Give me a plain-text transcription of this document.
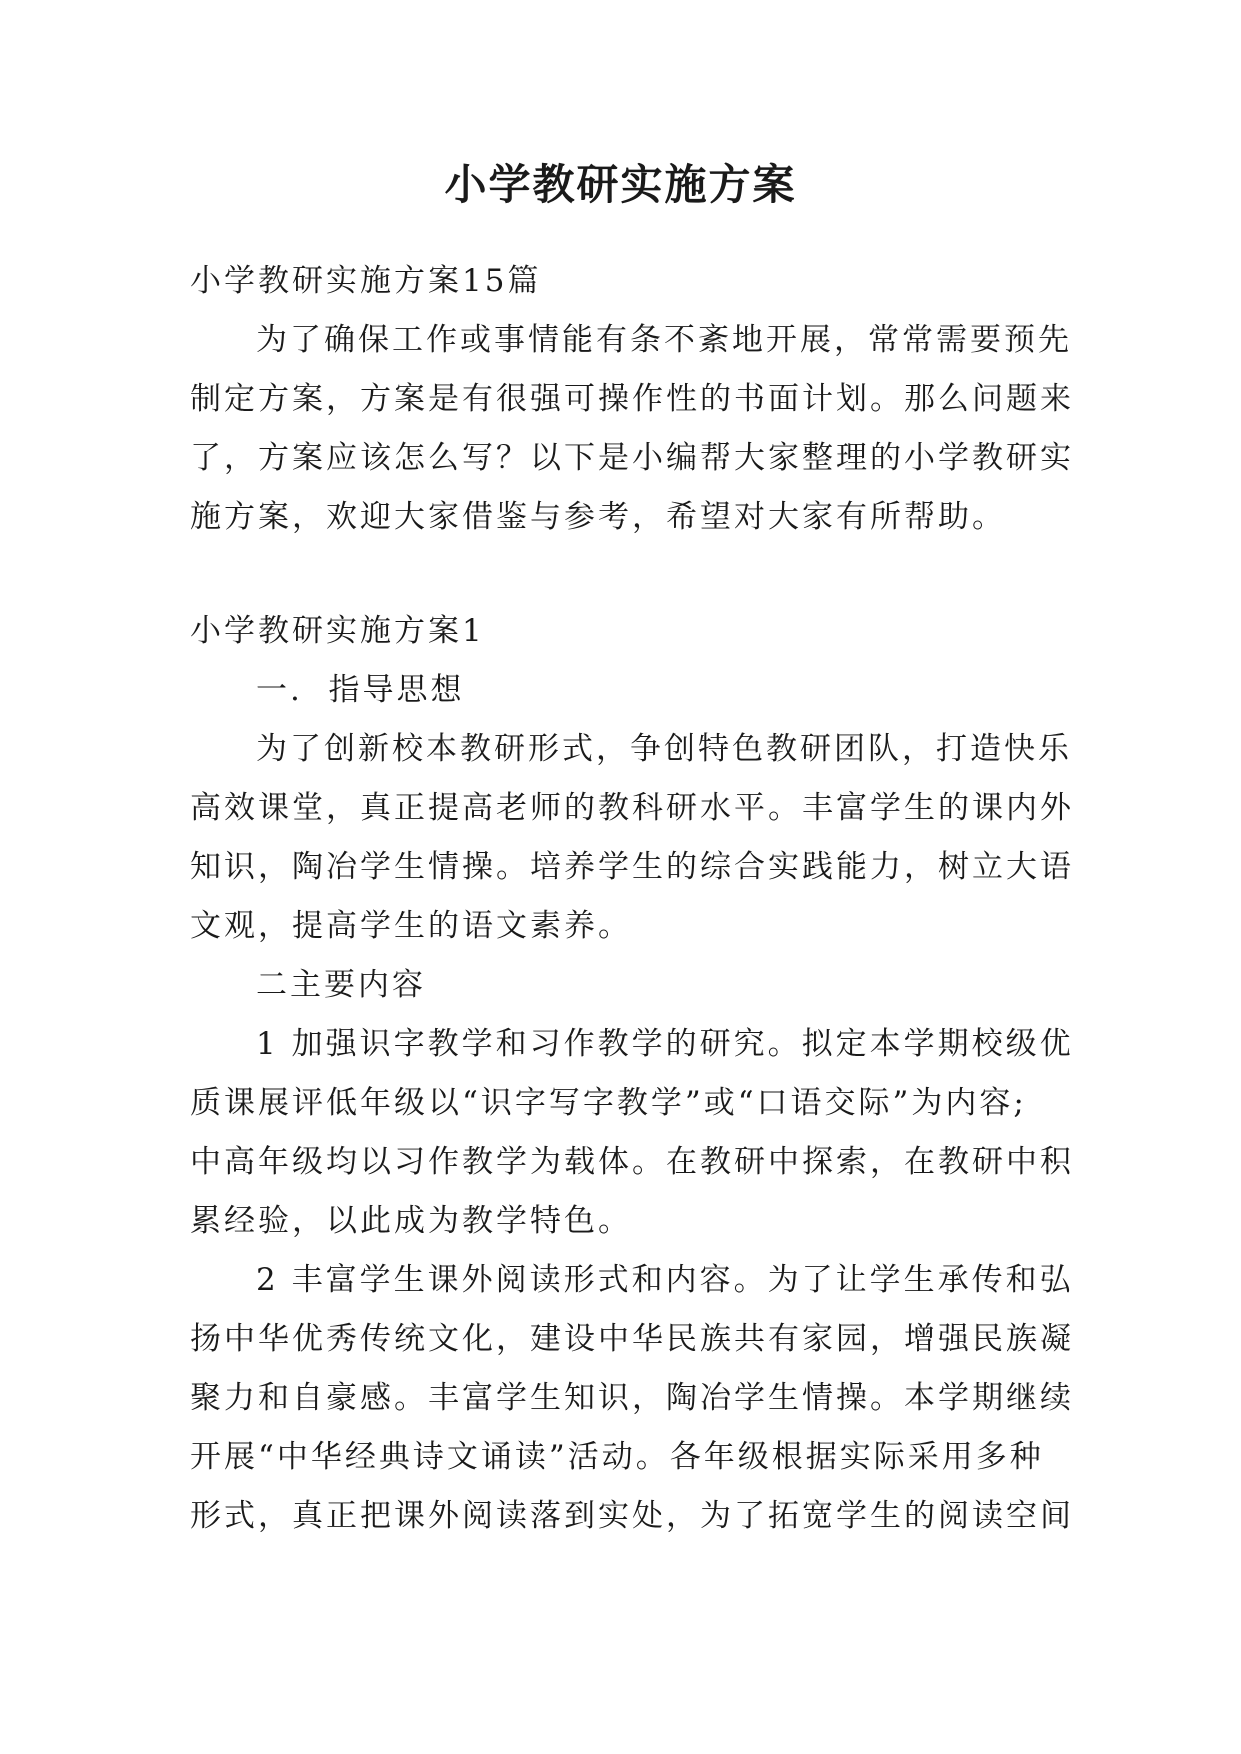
小学教研实施方案
小学教研实施方案15篇
为了确保工作或事情能有条不紊地开展，常常需要预先
制定方案，方案是有很强可操作性的书面计划。那么问题来
了，方案应该怎么写？以下是小编帮大家整理的小学教研实
施方案，欢迎大家借鉴与参考，希望对大家有所帮助。
小学教研实施方案1
一.  指导思想
为了创新校本教研形式，争创特色教研团队，打造快乐
高效课堂，真正提高老师的教科研水平。丰富学生的课内外
知识，陶冶学生情操。培养学生的综合实践能力，树立大语
文观，提高学生的语文素养。
二主要内容
1 加强识字教学和习作教学的研究。拟定本学期校级优
质课展评低年级以“识字写字教学”或“口语交际”为内容;
中高年级均以习作教学为载体。在教研中探索，在教研中积
累经验，以此成为教学特色。
2 丰富学生课外阅读形式和内容。为了让学生承传和弘
扬中华优秀传统文化，建设中华民族共有家园，增强民族凝
聚力和自豪感。丰富学生知识，陶冶学生情操。本学期继续
开展“中华经典诗文诵读”活动。各年级根据实际采用多种
形式，真正把课外阅读落到实处，为了拓宽学生的阅读空间
